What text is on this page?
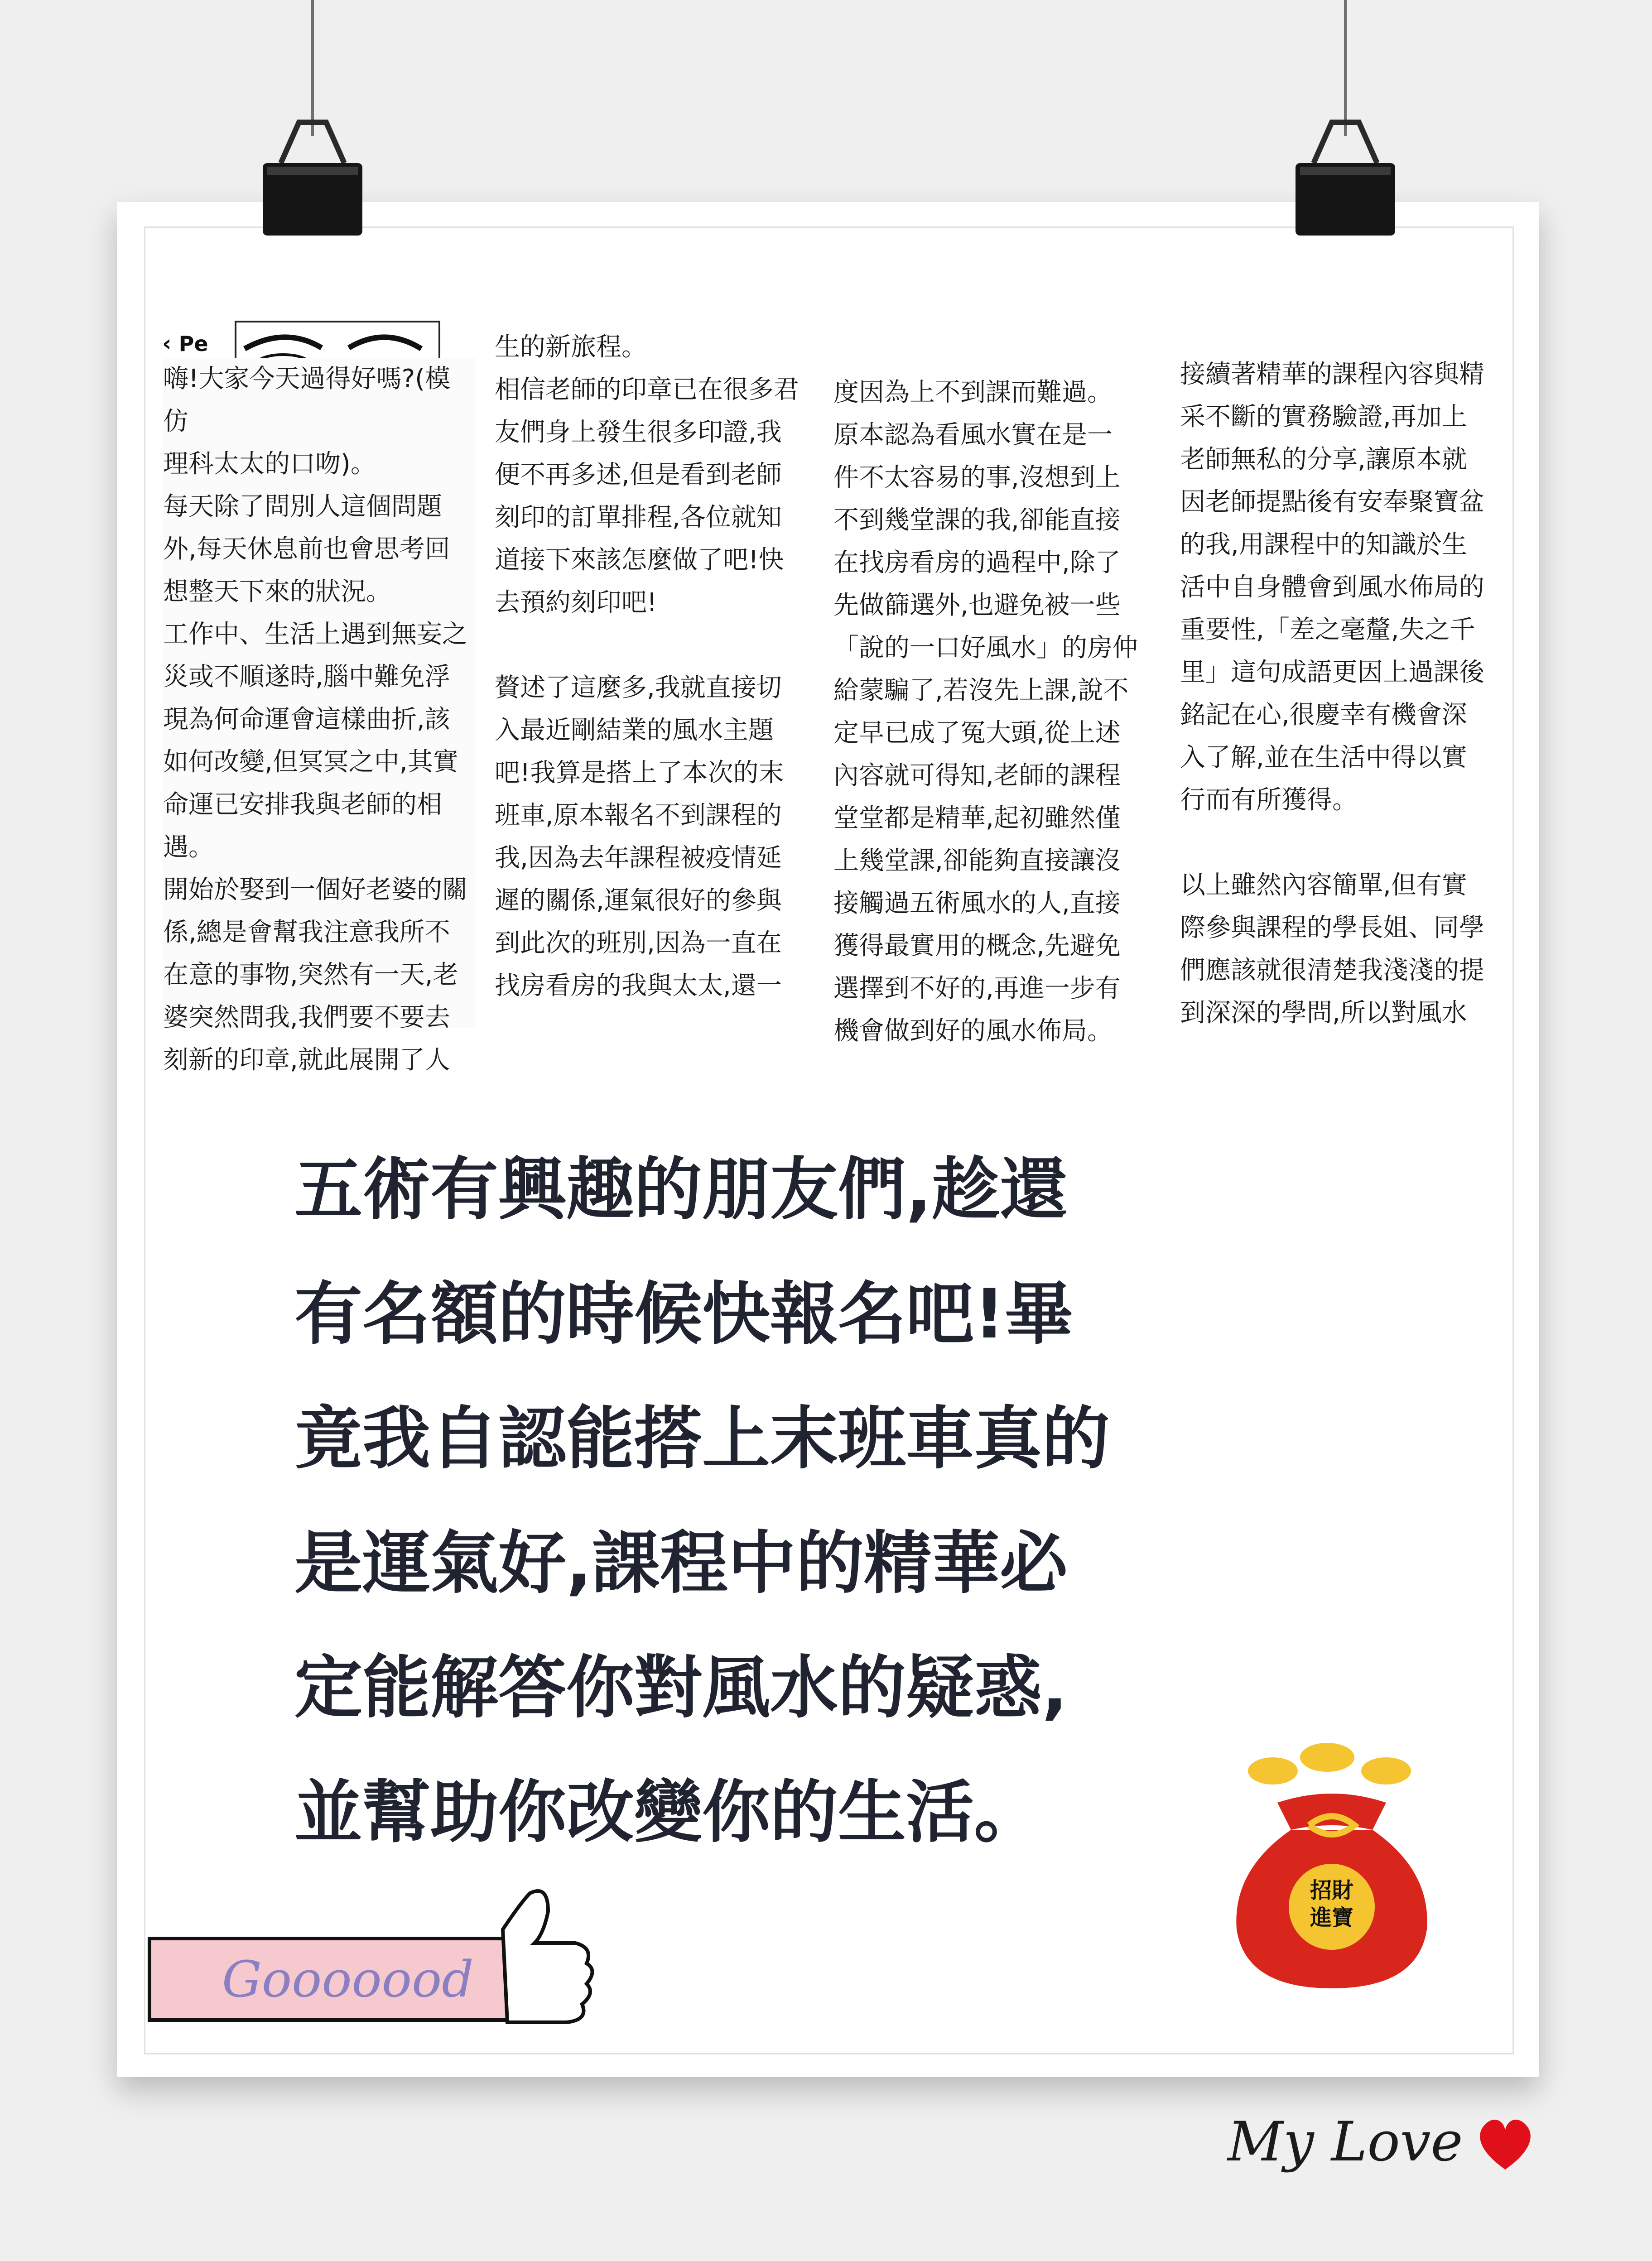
‹ Pe
嗨!大家今天過得好嗎?(模仿
理科太太的口吻)。
每天除了問別人這個問題
外,每天休息前也會思考回
想整天下來的狀況。
工作中、生活上遇到無妄之
災或不順遂時,腦中難免浮
現為何命運會這樣曲折,該
如何改變,但冥冥之中,其實
命運已安排我與老師的相
遇。
開始於娶到一個好老婆的關
係,總是會幫我注意我所不
在意的事物,突然有一天,老
婆突然問我,我們要不要去
刻新的印章,就此展開了人
生的新旅程。
相信老師的印章已在很多君
友們身上發生很多印證,我
便不再多述,但是看到老師
刻印的訂單排程,各位就知
道接下來該怎麼做了吧!快
去預約刻印吧!

贅述了這麼多,我就直接切
入最近剛結業的風水主題
吧!我算是搭上了本次的末
班車,原本報名不到課程的
我,因為去年課程被疫情延
遲的關係,運氣很好的參與
到此次的班別,因為一直在
找房看房的我與太太,還一
度因為上不到課而難過。
原本認為看風水實在是一
件不太容易的事,沒想到上
不到幾堂課的我,卻能直接
在找房看房的過程中,除了
先做篩選外,也避免被一些
「說的一口好風水」的房仲
給蒙騙了,若沒先上課,說不
定早已成了冤大頭,從上述
內容就可得知,老師的課程
堂堂都是精華,起初雖然僅
上幾堂課,卻能夠直接讓沒
接觸過五術風水的人,直接
獲得最實用的概念,先避免
選擇到不好的,再進一步有
機會做到好的風水佈局。
接續著精華的課程內容與精
采不斷的實務驗證,再加上
老師無私的分享,讓原本就
因老師提點後有安奉聚寶盆
的我,用課程中的知識於生
活中自身體會到風水佈局的
重要性,「差之毫釐,失之千
里」這句成語更因上過課後
銘記在心,很慶幸有機會深
入了解,並在生活中得以實
行而有所獲得。

以上雖然內容簡單,但有實
際參與課程的學長姐、同學
們應該就很清楚我淺淺的提
到深深的學問,所以對風水
五術有興趣的朋友們,趁還
有名額的時候快報名吧!畢
竟我自認能搭上末班車真的
是運氣好,課程中的精華必
定能解答你對風水的疑惑,
並幫助你改變你的生活。
Gooooood
招財
進寶
My Love
